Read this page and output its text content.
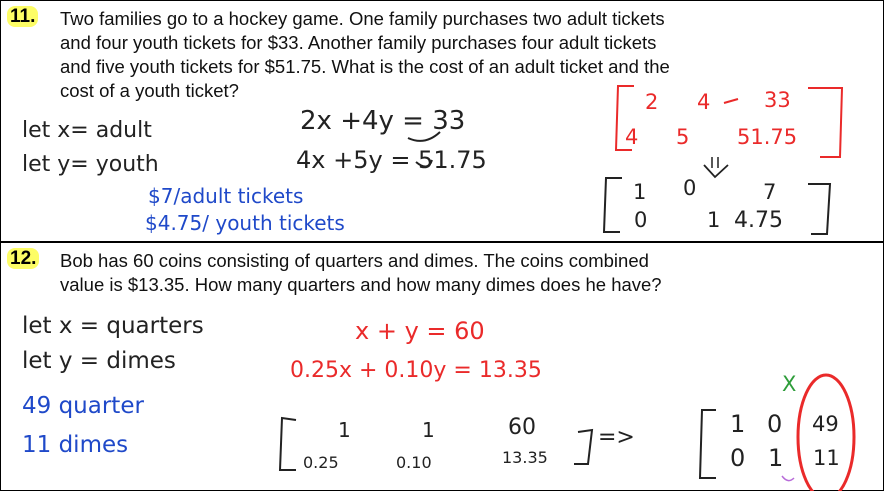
11.	Two families go to a hockey game. One family purchases two adult tickets
and four youth tickets for $33. Another family purchases four adult tickets
and five youth tickets for $51.75. What is the cost of an adult ticket and the
cost of a youth ticket?
12.	Bob has 60 coins consisting of quarters and dimes. The coins combined
value is $13.35. How many quarters and how many dimes does he have?
let x= adult
let y= youth
2x +4y = 33
4x +5y = 51.75
$7/adult tickets
$4.75/ youth tickets
2 4	33
4 5 51.75
1 0	7
0	1 4.75
let x = quarters
let y = dimes
49 quarter
11 dimes
x + y = 60
0.25x + 0.10y = 13.35
1	1	60
0.25	0.10	13.35
=>	1 0 49
0 1 11
X
